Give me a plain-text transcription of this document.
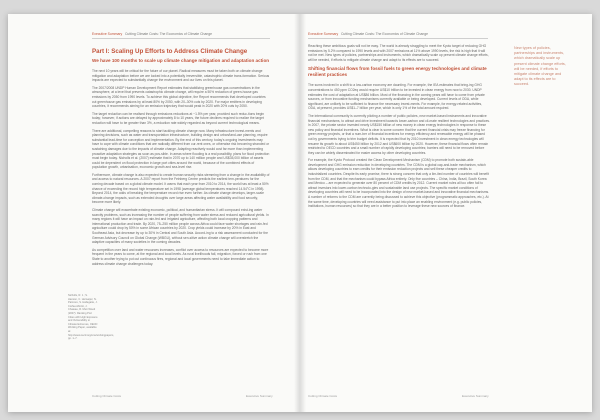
Executive Summary Cutting Climate Costs: The Economics of Climate Change
Part I: Scaling Up Efforts to Address Climate Change
We have 100 months to scale up climate change mitigation and adaptation action

The next 10 years will be critical for the future of our planet. Radical measures must be taken both on climate change mitigation and adaptation before we are locked into a potentially irreversible, catastrophic climate trans-formation. Serious impacts are expected to substantially change the environment and our lives on this planet.

The 2007/2008 UNDP Human Development Report estimates that stabilizing greenhouse gas concentrations in the atmosphere, at a level that prevents catastrophic climate change, will require a 50% reduction of green-house gas emissions by 2050 from 1990 levels. To achieve this global objective, the Report recommends that developed countries cut greenhouse gas emissions by at least 80% by 2050, with 20–30% cuts by 2020. For major emitters in developing countries, it recommends aiming for an emission trajectory that would peak in 2020 with 20% cuts by 2050.

The target reduction can be realised through emissions reductions at ~1.5% per year, provided such reduc-tions begin today; however, if actions are delayed by approximately 8 to 10 years, the future declines required to realize the target reduction will have to be greater than 3%, a reduction rate widely regarded as beyond current technological means.

There are additional, compelling reasons to start tackling climate change now. Many infrastructure invest-ments and planning decisions, such as water and transportation infrastructure, building design and urban/land-use planning, require substantial lead-time for conception and implementation. By the end of this century, today's ongoing investments may have to cope with climate conditions that are radically different from cur-rent ones, or otherwise risk becoming stranded or sustaining damages due to the impacts of climate change. Adapting reactively would cost far more than implementing proactive adaptation strategies as soon as pos-sible. In areas where flooding is a real possibility, plans for flood protection must begin today. Nicholls et al. (2007) estimate that in 2070 up to 140 million people and US$35,000 billion of assets could be dependent on flood protection in large port cities around the world, because of the combined effects of population growth, urbanisation, economic growth and sea-level rise.

Furthermore, climate change is also expected to create human security risks stemming from a change in the availability of and access to natural resources. A 2007 report from the Feinberg Centre predicts the earliest tem-peratures for the coming decade based on a global climate model. It warns that each year from 2010 to 2014, the world has at least a 50% chance of exceeding the record high temperature set in 1998 (average global temperatures reached 14.54°C in 1998). Beyond 2014, the odds of breaking the temperature record rise even further. As climate change develops, larger-scale climate-change impacts, such as extended droughts over large areas affecting water availability and food security, become more likely.

Climate change will exacerbate existing economic, political, and humanitarian stress. It will compound exist-ing water scarcity problems, such as increasing the number of people suffering from water stress and reduced agricultural yields. In many regions it will have an impact on rain-fed and irrigated agriculture, affecting both local cropping patterns and international production and trade. By 2020, 75–250 million people across Africa could face water shortages and rain-fed agriculture could drop by 50% in some African countries by 2020. Crop yields could increase by 20% in East and Southeast Asia, but decrease by up to 30% in Central and South Asia. Accord-ing to a risk assessment conducted for the German Advisory Council on Global Change (WBGU), without sen-sitive action climate change will overstretch the adaptive capacities of many societies in the coming decades.

As competition over land and water resources increases, conflict over access to resources are expected to become more frequent in the years to come, at the regional and local levels. As rural livelihoods fail, migration, forced or rush from one State to another trying to put out continuous fires, regional and local governments need to take immediate action to address climate change challenges today.

Nicholls, R. J.; S. Hanson, C. Herweijer, N. Patmore, S. Hallegatte, J. Corfee-Morlot, J. Chateau, R. Muir-Wood (2007). Ranking Port Cities with High Exposure and Vulnerability to Climate Extremes, OECD Working Paper, available at: http://www.oecd.org/env/workingpapers, pp. 1–7.
Cutting Climate Costs	Executive Summary
Executive Summary Cutting Climate Costs: The Economics of Climate Change

Reaching these ambitious goals will not be easy. The world is already struggling to meet the Kyoto target of reducing GHG emissions by 5.2% compared to 1990 levels and with 2007 emissions at 11% above 1990 levels, the risk is high that it will not be met. New types of policies, partnerships and instruments, which dramatically scale up present climate change efforts, will be needed, if efforts to mitigate climate change and adapt to its effects are to succeed.

Shifting financial flows from fossil fuels to green energy technologies and climate resilient practices

The sums involved in a shift to a low-carbon economy are daunting. For example, the IEA estimates that bring-ing GHG concentrations to 450 ppm CO2eq would require US$10 trillion to be invested in clean energy from now to 2030. UNDP estimates the cost of adaptation at US$86 billion. Most of the financing in the coming years will have to come from private sources, or from innovative funding mechanisms currently available or being developed. Current levels of ODA, while significant, are unlikely to be sufficient to finance the necessary invest-ments. For example, for energy-related activities, ODA, at present, provides US$1–7 billion per year, which is only 1% of the total amount required.

The international community is currently piloting a number of public policies, new market-based instruments and innovative financial mechanisms, to attract and drive investment towards lower-carbon and cli-mate resilient technologies and practices. In 2007, the private sector invested nearly US$150 billion of new money in clean energy technologies in response to these new policy and financial incentives. What is clear is some concern that the current financial crisis may freeze financing for green energy projects, or that a num-ber of financial incentives for energy efficiency and renewable energy will be phased out by governments trying to trim budget deficits. It is expected that by 2010 investment in clean energy technologies will resume its growth to about US$450 billion by 2012 and US$600 billion by 2020. However, these financial flows often remain restricted to OECD countries and a small number of rapidly developing countries; barriers will need to be removed before they can be widely disseminated for easier access by other developing countries.

For example, the Kyoto Protocol created the Clean Development Mechanism (CDM) to promote both sustain-able development and GHG emission reduction in developing countries. The CDM is a global cap-and-trade mechanism, which allows developing countries to earn credits for their emission reduction projects and sell these cheaper credits to industrialized countries. Despite its early promise, there is strong concern that only a lim-ited number of countries will benefit from the CDM, and that the mechanism could bypass Africa entirely. Only five countries – China, India, Brazil, South Korea and Mexico – are expected to generate over 80 percent of CDM credits by 2012. Current market rules all too often fail to attract investors into lower-carbon technolo-gies and sustainable land use projects. The specific market conditions of developing countries will need to be incorporated into the design of new market-based and innovative financial mechanisms. A number of reforms to the CDM are currently being discussed to achieve this objective (programmatic approaches, etc.). At the same time, developing countries will need assistance to put into place an enabling environment (e.g. public policies, institutions, human resources) so that they are in a better position to leverage these new sources of finance.

New types of policies, partnerships and instruments, which dramatically scale up present climate change efforts, will be needed, if efforts to mitigate climate change and adapt to its effects are to succeed.
Cutting Climate Costs	Executive Summary
